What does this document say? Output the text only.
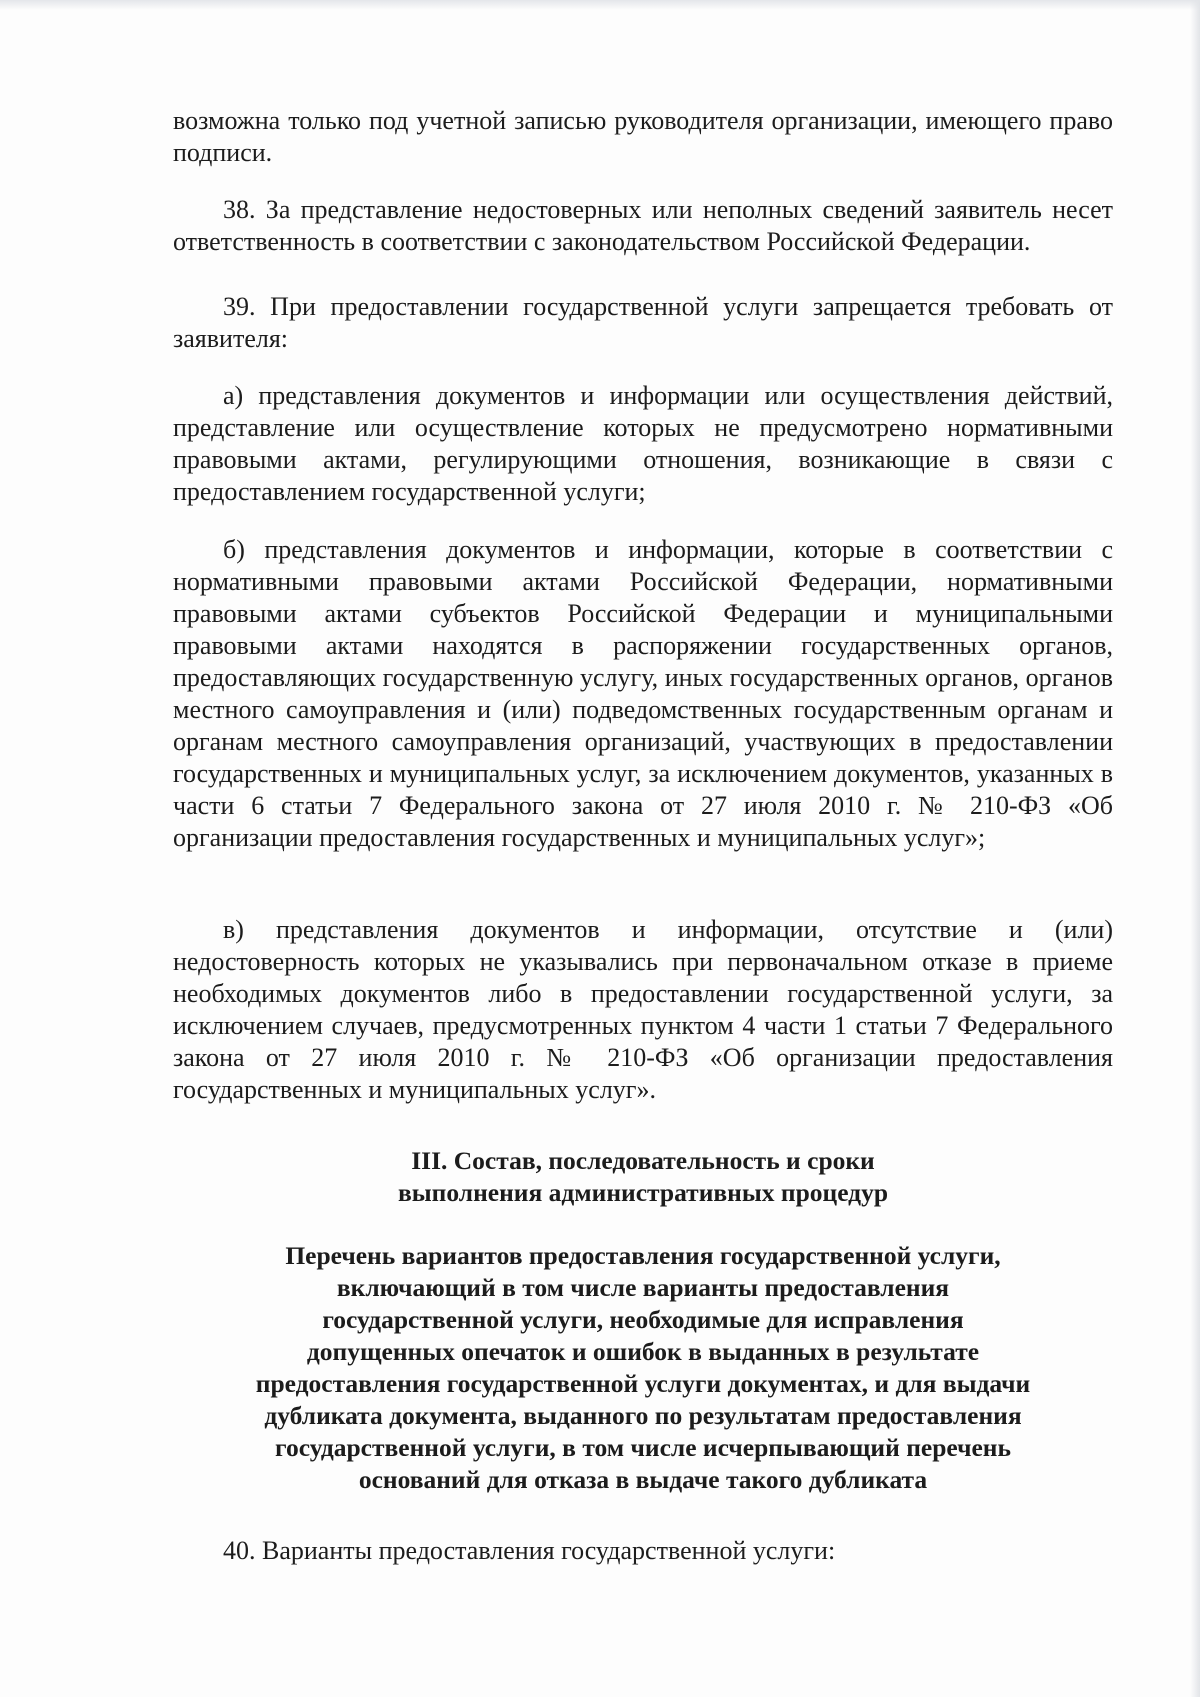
возможна только под учетной записью руководителя организации, имеющего право подписи.

38. За представление недостоверных или неполных сведений заявитель несет ответственность в соответствии с законодательством Российской Федерации.

39. При предоставлении государственной услуги запрещается требовать от заявителя:

а) представления документов и информации или осуществления действий, представление или осуществление которых не предусмотрено нормативными правовыми актами, регулирующими отношения, возникающие в связи с предоставлением государственной услуги;

б) представления документов и информации, которые в соответствии с нормативными правовыми актами Российской Федерации, нормативными правовыми актами субъектов Российской Федерации и муниципальными правовыми актами находятся в распоряжении государственных органов, предоставляющих государственную услугу, иных государственных органов, органов местного самоуправления и (или) подведомственных государственным органам и органам местного самоуправления организаций, участвующих в предоставлении государственных и муниципальных услуг, за исключением документов, указанных в части 6 статьи 7 Федерального закона от 27 июля 2010 г. № 210-ФЗ «Об организации предоставления государственных и муниципальных услуг»;

в) представления документов и информации, отсутствие и (или) недостоверность которых не указывались при первоначальном отказе в приеме необходимых документов либо в предоставлении государственной услуги, за исключением случаев, предусмотренных пунктом 4 части 1 статьи 7 Федерального закона от 27 июля 2010 г. № 210-ФЗ «Об организации предоставления государственных и муниципальных услуг».

III. Состав, последовательность и сроки
выполнения административных процедур
Перечень вариантов предоставления государственной услуги,
включающий в том числе варианты предоставления
государственной услуги, необходимые для исправления
допущенных опечаток и ошибок в выданных в результате
предоставления государственной услуги документах, и для выдачи
дубликата документа, выданного по результатам предоставления
государственной услуги, в том числе исчерпывающий перечень
оснований для отказа в выдаче такого дубликата

40. Варианты предоставления государственной услуги:
